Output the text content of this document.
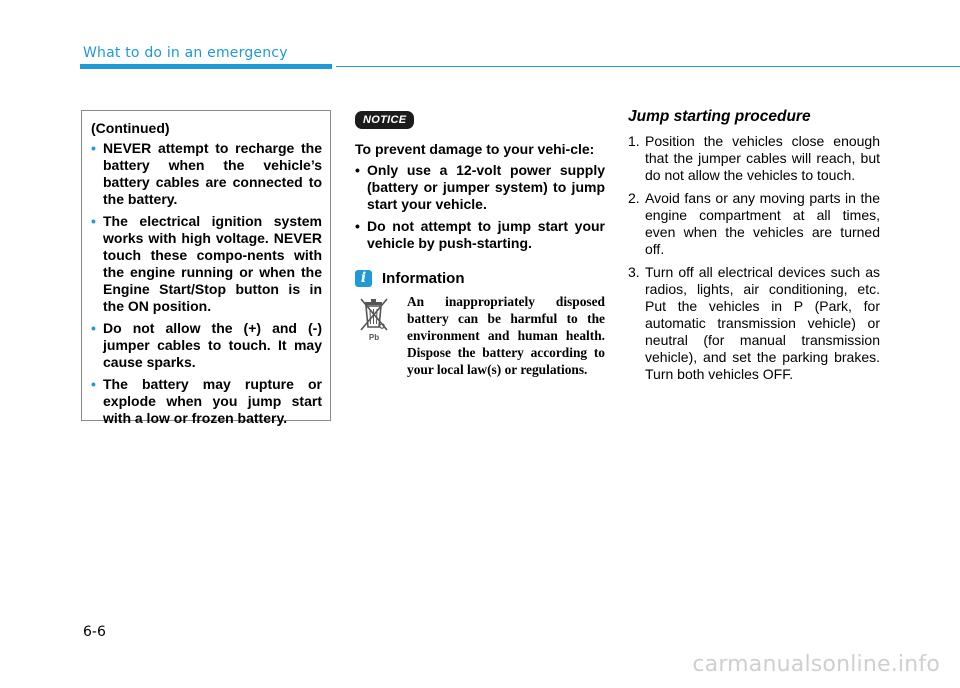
What to do in an emergency
(Continued)
• NEVER attempt to recharge the battery when the vehicle’s battery cables are connected to the battery.
• The electrical ignition system works with high voltage. NEVER touch these compo-nents with the engine running or when the Engine Start/Stop button is in the ON position.
• Do not allow the (+) and (-) jumper cables to touch. It may cause sparks.
• The battery may rupture or explode when you jump start with a low or frozen battery.
NOTICE
To prevent damage to your vehi-cle:
• Only use a 12-volt power supply (battery or jumper system) to jump start your vehicle.
• Do not attempt to jump start your vehicle by push-starting.
i	Information
Pb
An inappropriately disposed battery can be harmful to the environment and human health. Dispose the battery according to your local law(s) or regulations.
Jump starting procedure
1. Position the vehicles close enough that the jumper cables will reach, but do not allow the vehicles to touch.
2. Avoid fans or any moving parts in the engine compartment at all times, even when the vehicles are turned off.
3. Turn off all electrical devices such as radios, lights, air conditioning, etc. Put the vehicles in P (Park, for automatic transmission vehicle) or neutral (for manual transmission vehicle), and set the parking brakes. Turn both vehicles OFF.
6-6
carmanualsonline.info
